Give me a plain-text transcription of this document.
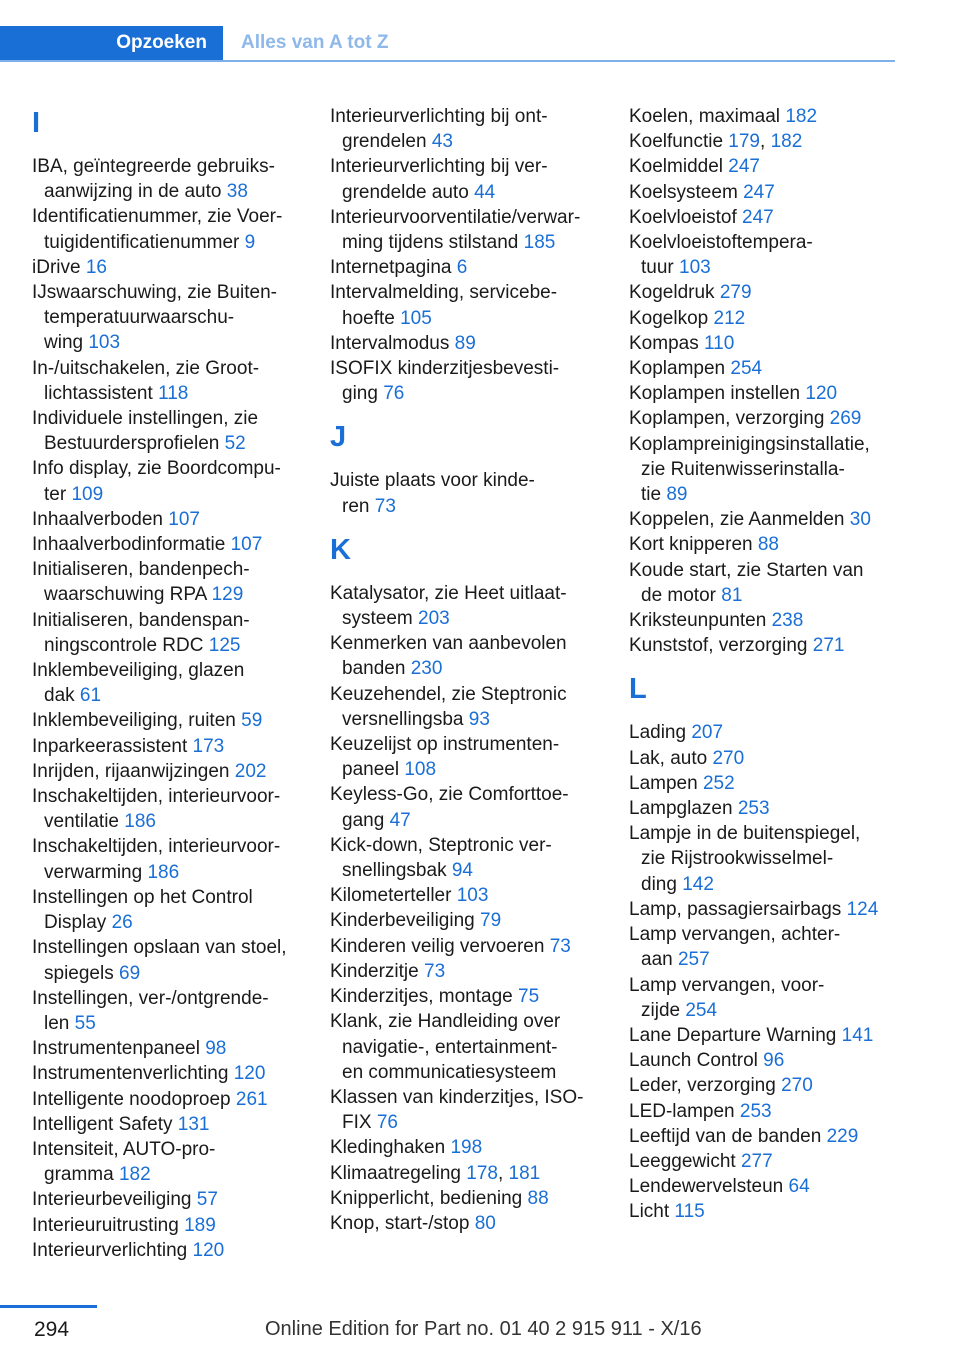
Opzoeken	Alles van A tot Z
I
IBA, geïntegreerde gebruiks-
aanwijzing in de auto 38
Identificatienummer, zie Voer-
tuigidentificatienummer 9
iDrive 16
IJswaarschuwing, zie Buiten-
temperatuurwaarschu-
wing 103
In-/uitschakelen, zie Groot-
lichtassistent 118
Individuele instellingen, zie
Bestuurdersprofielen 52
Info display, zie Boordcompu-
ter 109
Inhaalverboden 107
Inhaalverbodinformatie 107
Initialiseren, bandenpech-
waarschuwing RPA 129
Initialiseren, bandenspan-
ningscontrole RDC 125
Inklembeveiliging, glazen
dak 61
Inklembeveiliging, ruiten 59
Inparkeerassistent 173
Inrijden, rijaanwijzingen 202
Inschakeltijden, interieurvoor-
ventilatie 186
Inschakeltijden, interieurvoor-
verwarming 186
Instellingen op het Control
Display 26
Instellingen opslaan van stoel,
spiegels 69
Instellingen, ver-/ontgrende-
len 55
Instrumentenpaneel 98
Instrumentenverlichting 120
Intelligente noodoproep 261
Intelligent Safety 131
Intensiteit, AUTO-pro-
gramma 182
Interieurbeveiliging 57
Interieuruitrusting 189
Interieurverlichting 120
Interieurverlichting bij ont-
grendelen 43
Interieurverlichting bij ver-
grendelde auto 44
Interieurvoorventilatie/verwar-
ming tijdens stilstand 185
Internetpagina 6
Intervalmelding, servicebe-
hoefte 105
Intervalmodus 89
ISOFIX kinderzitjesbevesti-
ging 76
J
Juiste plaats voor kinde-
ren 73
K
Katalysator, zie Heet uitlaat-
systeem 203
Kenmerken van aanbevolen
banden 230
Keuzehendel, zie Steptronic
versnellingsba 93
Keuzelijst op instrumenten-
paneel 108
Keyless-Go, zie Comforttoe-
gang 47
Kick-down, Steptronic ver-
snellingsbak 94
Kilometerteller 103
Kinderbeveiliging 79
Kinderen veilig vervoeren 73
Kinderzitje 73
Kinderzitjes, montage 75
Klank, zie Handleiding over
navigatie-, entertainment-
en communicatiesysteem
Klassen van kinderzitjes, ISO-
FIX 76
Kledinghaken 198
Klimaatregeling 178, 181
Knipperlicht, bediening 88
Knop, start-/stop 80
Koelen, maximaal 182
Koelfunctie 179, 182
Koelmiddel 247
Koelsysteem 247
Koelvloeistof 247
Koelvloeistoftempera-
tuur 103
Kogeldruk 279
Kogelkop 212
Kompas 110
Koplampen 254
Koplampen instellen 120
Koplampen, verzorging 269
Koplampreinigingsinstallatie,
zie Ruitenwisserinstalla-
tie 89
Koppelen, zie Aanmelden 30
Kort knipperen 88
Koude start, zie Starten van
de motor 81
Kriksteunpunten 238
Kunststof, verzorging 271
L
Lading 207
Lak, auto 270
Lampen 252
Lampglazen 253
Lampje in de buitenspiegel,
zie Rijstrookwisselmel-
ding 142
Lamp, passagiersairbags 124
Lamp vervangen, achter-
aan 257
Lamp vervangen, voor-
zijde 254
Lane Departure Warning 141
Launch Control 96
Leder, verzorging 270
LED-lampen 253
Leeftijd van de banden 229
Leeggewicht 277
Lendewervelsteun 64
Licht 115
294	Online Edition for Part no. 01 40 2 915 911 - X/16
